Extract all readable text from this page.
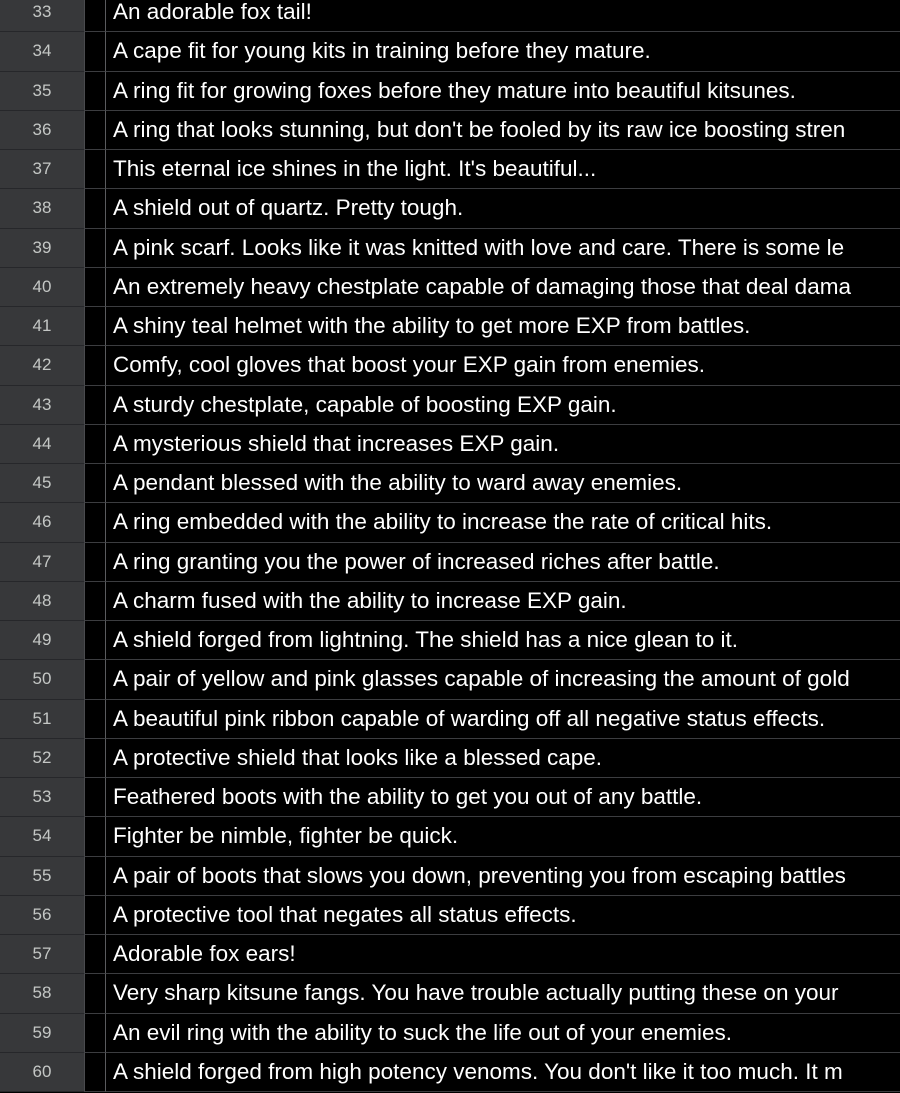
33	An adorable fox tail!
34	A cape fit for young kits in training before they mature.
35	A ring fit for growing foxes before they mature into beautiful kitsunes.
36	A ring that looks stunning, but don't be fooled by its raw ice boosting stren
37	This eternal ice shines in the light. It's beautiful...
38	A shield out of quartz. Pretty tough.
39	A pink scarf. Looks like it was knitted with love and care. There is some le
40	An extremely heavy chestplate capable of damaging those that deal dama
41	A shiny teal helmet with the ability to get more EXP from battles.
42	Comfy, cool gloves that boost your EXP gain from enemies.
43	A sturdy chestplate, capable of boosting EXP gain.
44	A mysterious shield that increases EXP gain.
45	A pendant blessed with the ability to ward away enemies.
46	A ring embedded with the ability to increase the rate of critical hits.
47	A ring granting you the power of increased riches after battle.
48	A charm fused with the ability to increase EXP gain.
49	A shield forged from lightning. The shield has a nice glean to it.
50	A pair of yellow and pink glasses capable of increasing the amount of gold
51	A beautiful pink ribbon capable of warding off all negative status effects.
52	A protective shield that looks like a blessed cape.
53	Feathered boots with the ability to get you out of any battle.
54	Fighter be nimble, fighter be quick.
55	A pair of boots that slows you down, preventing you from escaping battles
56	A protective tool that negates all status effects.
57	Adorable fox ears!
58	Very sharp kitsune fangs. You have trouble actually putting these on your
59	An evil ring with the ability to suck the life out of your enemies.
60	A shield forged from high potency venoms. You don't like it too much. It m
